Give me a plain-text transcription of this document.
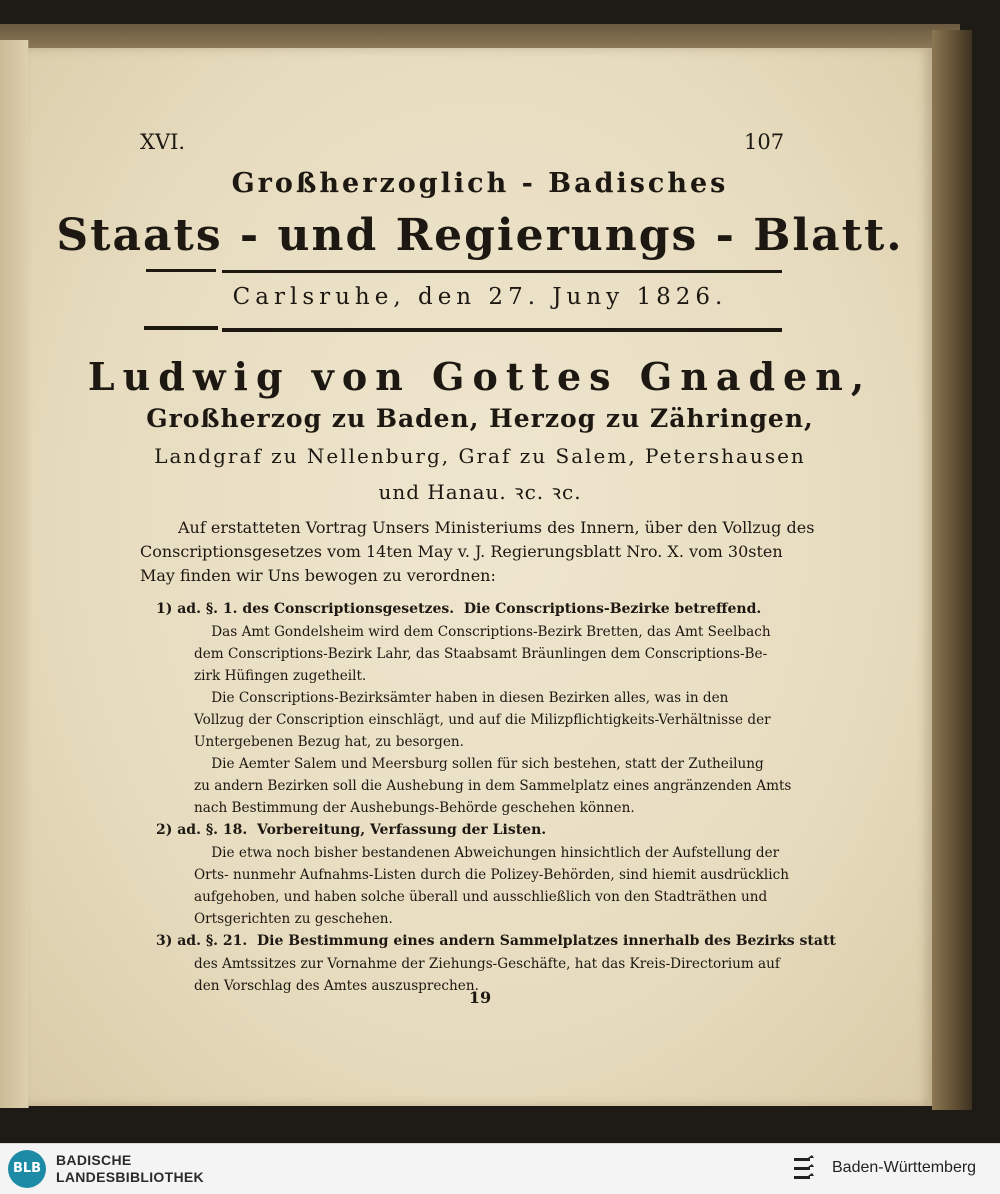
XVI.	107
Großherzoglich - Badisches
Staats - und Regierungs - Blatt.
Carlsruhe, den 27. Juny 1826.
Ludwig von Gottes Gnaden,
Großherzog zu Baden, Herzog zu Zähringen,
Landgraf zu Nellenburg, Graf zu Salem, Petershausen
und Hanau. ꝛc. ꝛc.
Auf erstatteten Vortrag Unsers Ministeriums des Innern, über den Vollzug des
Conscriptionsgesetzes vom 14ten May v. J. Regierungsblatt Nro. X. vom 30sten
May finden wir Uns bewogen zu verordnen:
1) ad. §. 1. des Conscriptionsgesetzes.  Die Conscriptions-Bezirke betreffend.
Das Amt Gondelsheim wird dem Conscriptions-Bezirk Bretten, das Amt Seelbach
dem Conscriptions-Bezirk Lahr, das Staabsamt Bräunlingen dem Conscriptions-Be-
zirk Hüfingen zugetheilt.
Die Conscriptions-Bezirksämter haben in diesen Bezirken alles, was in den
Vollzug der Conscription einschlägt, und auf die Milizpflichtigkeits-Verhältnisse der
Untergebenen Bezug hat, zu besorgen.
Die Aemter Salem und Meersburg sollen für sich bestehen, statt der Zutheilung
zu andern Bezirken soll die Aushebung in dem Sammelplatz eines angränzenden Amts
nach Bestimmung der Aushebungs-Behörde geschehen können.
2) ad. §. 18.  Vorbereitung, Verfassung der Listen.
Die etwa noch bisher bestandenen Abweichungen hinsichtlich der Aufstellung der
Orts- nunmehr Aufnahms-Listen durch die Polizey-Behörden, sind hiemit ausdrücklich
aufgehoben, und haben solche überall und ausschließlich von den Stadträthen und
Ortsgerichten zu geschehen.
3) ad. §. 21.  Die Bestimmung eines andern Sammelplatzes innerhalb des Bezirks statt
des Amtssitzes zur Vornahme der Ziehungs-Geschäfte, hat das Kreis-Directorium auf
den Vorschlag des Amtes auszusprechen.
19
BLB
BADISCHE
LANDESBIBLIOTHEK
Baden-Württemberg
